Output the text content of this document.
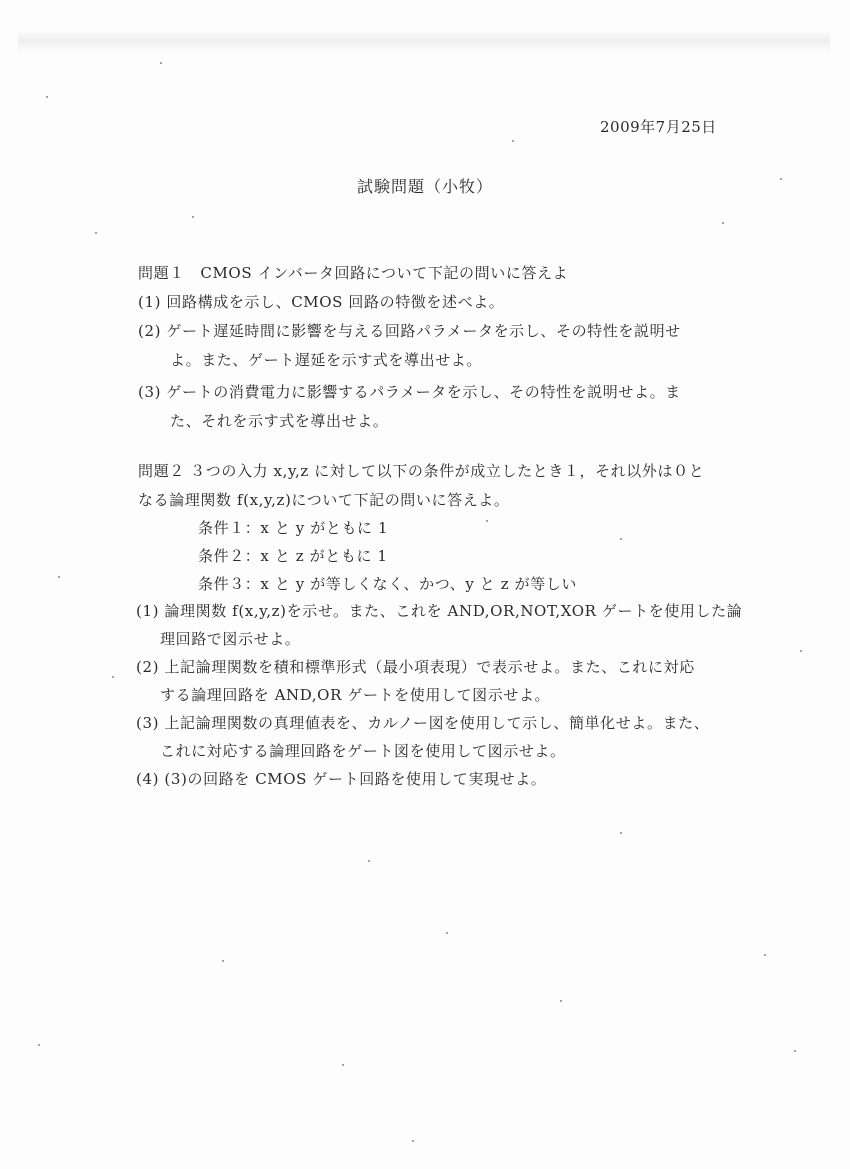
2009年7月25日
試験問題（小牧）
問題１　CMOS インバータ回路について下記の問いに答えよ
(1) 回路構成を示し、CMOS 回路の特徴を述べよ。
(2) ゲート遅延時間に影響を与える回路パラメータを示し、その特性を説明せ
よ。また、ゲート遅延を示す式を導出せよ。
(3) ゲートの消費電力に影響するパラメータを示し、その特性を説明せよ。ま
た、それを示す式を導出せよ。
問題２ ３つの入力 x,y,z に対して以下の条件が成立したとき１，それ以外は０と
なる論理関数 f(x,y,z)について下記の問いに答えよ。
条件１：x と y がともに 1
条件２：x と z がともに 1
条件３：x と y が等しくなく、かつ、y と z が等しい
(1) 論理関数 f(x,y,z)を示せ。また、これを AND,OR,NOT,XOR ゲートを使用した論
理回路で図示せよ。
(2) 上記論理関数を積和標準形式（最小項表現）で表示せよ。また、これに対応
する論理回路を AND,OR ゲートを使用して図示せよ。
(3) 上記論理関数の真理値表を、カルノー図を使用して示し、簡単化せよ。また、
これに対応する論理回路をゲート図を使用して図示せよ。
(4) (3)の回路を CMOS ゲート回路を使用して実現せよ。
